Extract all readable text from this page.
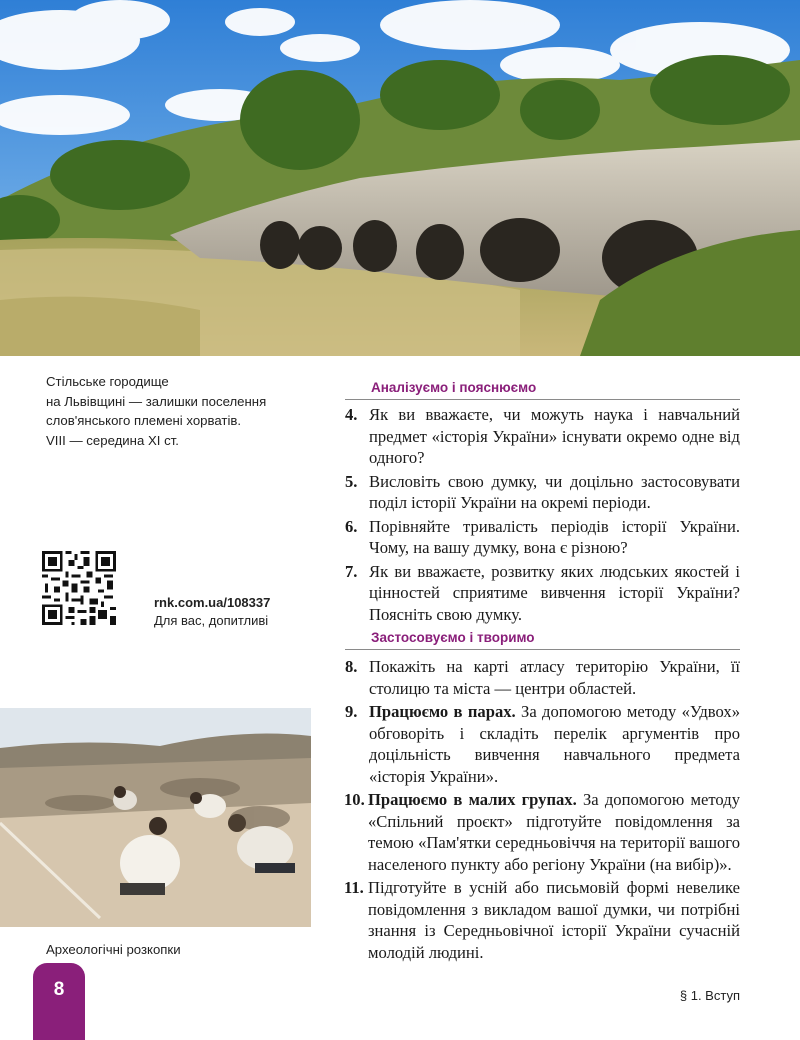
Стільське городище
на Львівщині — залишки поселення
слов'янського племені хорватів.
VIII — середина XI ст.
rnk.com.ua/108337
Для вас, допитливі
Археологічні розкопки
Аналізуємо і пояснюємо
4. Як ви вважаєте, чи можуть наука і навчальний предмет «історія України» існувати окремо одне від одного?
5. Висловіть свою думку, чи доцільно застосовувати поділ історії України на окремі періоди.
6. Порівняйте тривалість періодів історії України. Чому, на вашу думку, вона є різною?
7. Як ви вважаєте, розвитку яких людських якостей і цінностей сприятиме вивчення історії України? Поясніть свою думку.
Застосовуємо і творимо
8. Покажіть на карті атласу територію України, її столицю та міста — центри областей.
9. Працюємо в парах. За допомогою методу «Удвох» обговоріть і складіть перелік аргументів про доцільність вивчення навчального предмета «історія України».
10. Працюємо в малих групах. За допомогою методу «Спільний проєкт» підготуйте повідомлення за темою «Пам'ятки середньовіччя на території вашого населеного пункту або регіону України (на вибір)».
11. Підготуйте в усній або письмовій формі невелике повідомлення з викладом вашої думки, чи потрібні знання із Середньовічної історії України сучасній молодій людині.
8	§ 1. Вступ
